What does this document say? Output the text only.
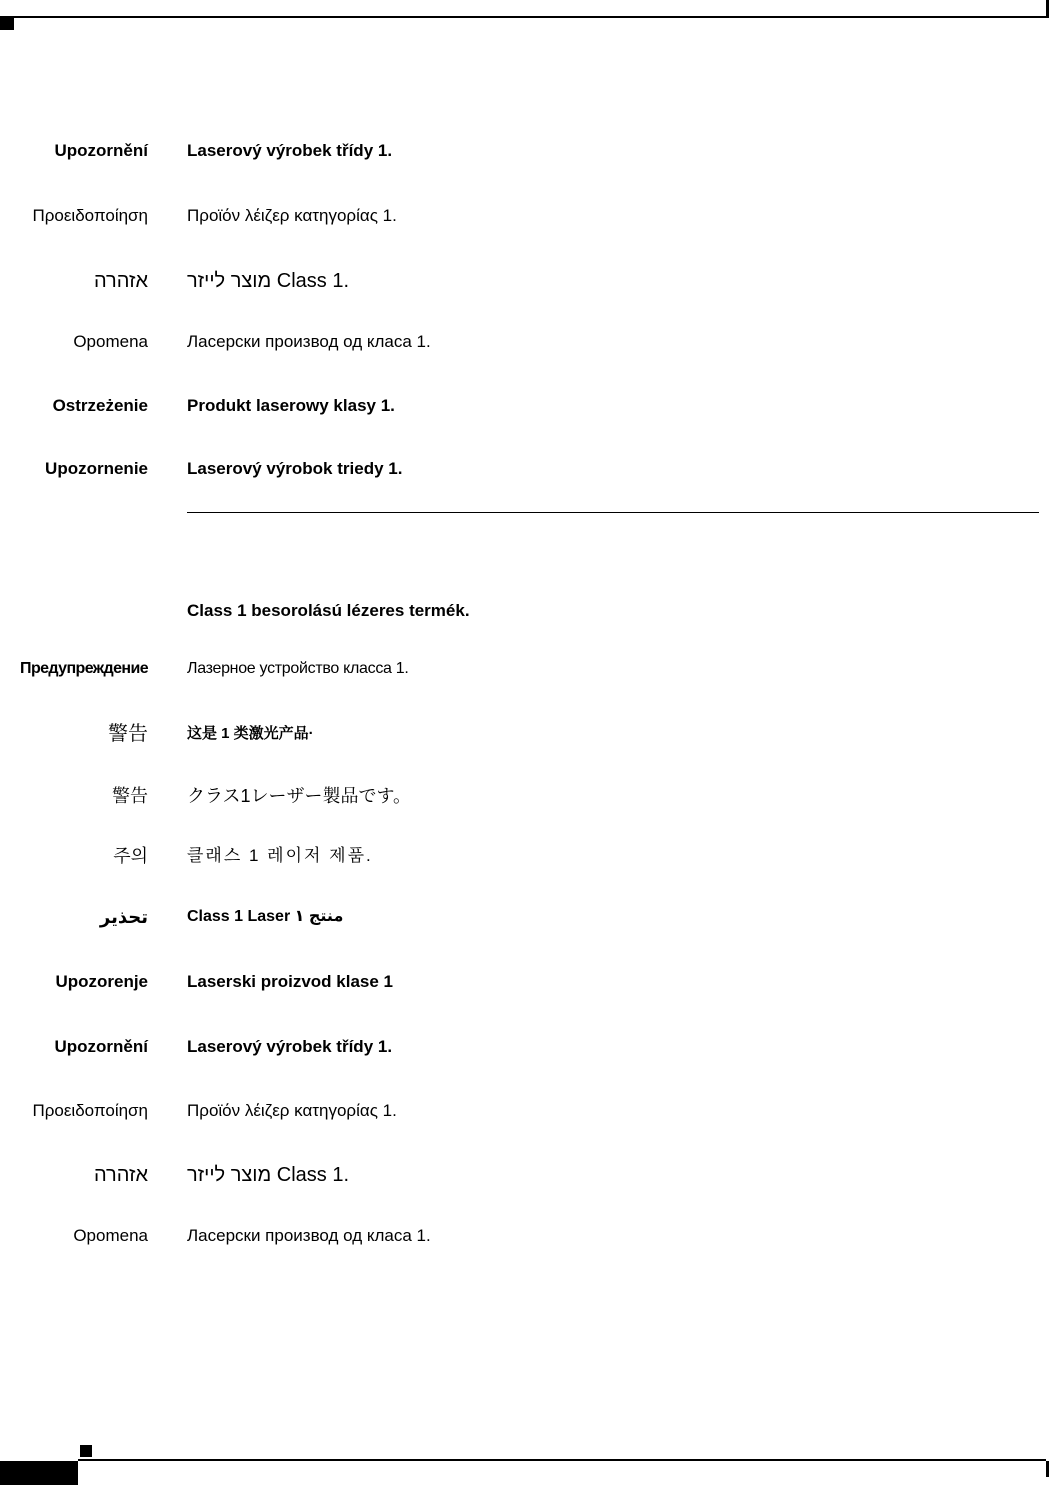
Upozornění Laserový výrobek třídy 1.
Προειδοποίηση Προϊόν λέιζερ κατηγορίας 1.
אזהרה מוצר לייזר Class 1.
Opomena Ласерски производ од класа 1.
Ostrzeżenie Produkt laserowy klasy 1.
Upozornenie Laserový výrobok triedy 1.
Class 1 besorolású lézeres termék.
Предупреждение Лазерное устройство класса 1.
警告	这是 1 类激光产品·
警告 クラス1レーザー製品です。
주의 클래스 1 레이저 제품.
تحذير منتج ١ Class 1 Laser
Upozorenje Laserski proizvod klase 1
Upozornění Laserový výrobek třídy 1.
Προειδοποίηση Προϊόν λέιζερ κατηγορίας 1.
אזהרה מוצר לייזר Class 1.
Opomena Ласерски производ од класа 1.
